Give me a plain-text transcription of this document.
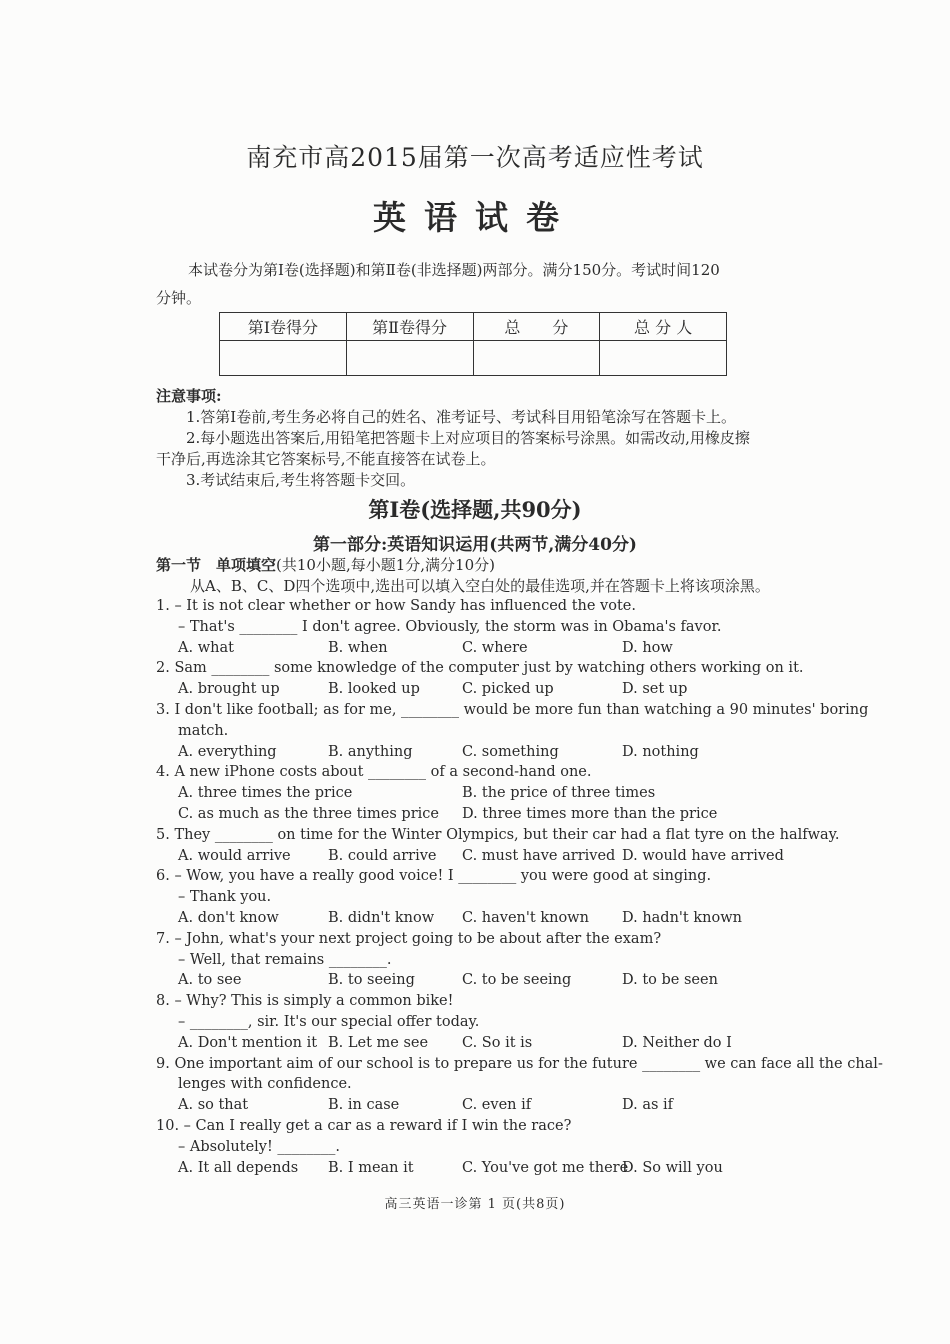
南充市高2015届第一次高考适应性考试
英语试卷
本试卷分为第Ⅰ卷(选择题)和第Ⅱ卷(非选择题)两部分。满分150分。考试时间120
分钟。
第Ⅰ卷得分	第Ⅱ卷得分	总　　分	总 分 人

注意事项:
1.答第Ⅰ卷前,考生务必将自己的姓名、准考证号、考试科目用铅笔涂写在答题卡上。
2.每小题选出答案后,用铅笔把答题卡上对应项目的答案标号涂黑。如需改动,用橡皮擦
干净后,再选涂其它答案标号,不能直接答在试卷上。
3.考试结束后,考生将答题卡交回。
第Ⅰ卷(选择题,共90分)
第一部分:英语知识运用(共两节,满分40分)
第一节　单项填空(共10小题,每小题1分,满分10分)
从A、B、C、D四个选项中,选出可以填入空白处的最佳选项,并在答题卡上将该项涂黑。
1. – It is not clear whether or how Sandy has influenced the vote.
– That's ________ I don't agree. Obviously, the storm was in Obama's favor.
A. what	B. when	C. where	D. how
2. Sam ________ some knowledge of the computer just by watching others working on it.
A. brought up	B. looked up	C. picked up	D. set up
3. I don't like football; as for me, ________ would be more fun than watching a 90 minutes' boring
match.
A. everything	B. anything	C. something	D. nothing
4. A new iPhone costs about ________ of a second-hand one.
A. three times the price	B. the price of three times
C. as much as the three times price D. three times more than the price
5. They ________ on time for the Winter Olympics, but their car had a flat tyre on the halfway.
A. would arrive	B. could arrive C. must have arrived D. would have arrived
6. – Wow, you have a really good voice! I ________ you were good at singing.
– Thank you.
A. don't know	B. didn't know C. haven't known D. hadn't known
7. – John, what's your next project going to be about after the exam?
– Well, that remains ________.
A. to see	B. to seeing	C. to be seeing	D. to be seen
8. – Why? This is simply a common bike!
– ________, sir. It's our special offer today.
A. Don't mention it B. Let me see C. So it is	D. Neither do I
9. One important aim of our school is to prepare us for the future ________ we can face all the chal-
lenges with confidence.
A. so that	B. in case	C. even if	D. as if
10. – Can I really get a car as a reward if I win the race?
– Absolutely! ________.
A. It all depends B. I mean it	C. You've got me there
D. So will you
高三英语一诊第 1 页(共8页)
